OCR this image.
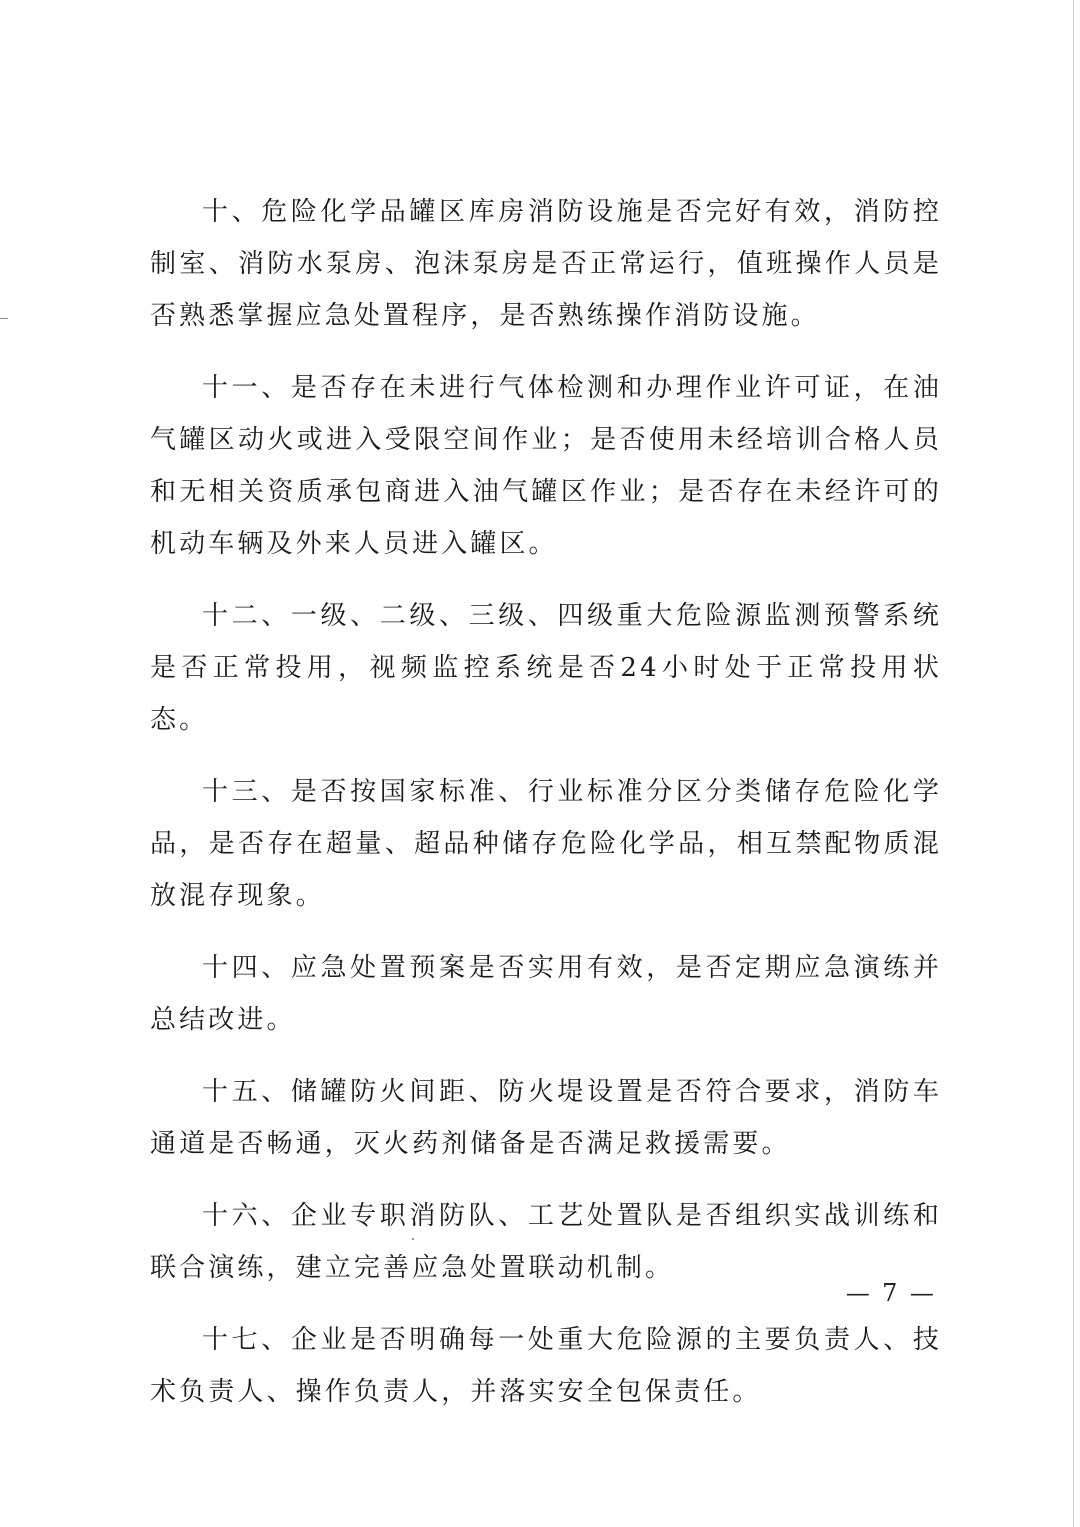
十、危险化学品罐区库房消防设施是否完好有效，消防控制室、消防水泵房、泡沫泵房是否正常运行，值班操作人员是否熟悉掌握应急处置程序，是否熟练操作消防设施。

十一、是否存在未进行气体检测和办理作业许可证，在油气罐区动火或进入受限空间作业；是否使用未经培训合格人员和无相关资质承包商进入油气罐区作业；是否存在未经许可的机动车辆及外来人员进入罐区。

十二、一级、二级、三级、四级重大危险源监测预警系统是否正常投用，视频监控系统是否24小时处于正常投用状态。

十三、是否按国家标准、行业标准分区分类储存危险化学品，是否存在超量、超品种储存危险化学品，相互禁配物质混放混存现象。

十四、应急处置预案是否实用有效，是否定期应急演练并总结改进。

十五、储罐防火间距、防火堤设置是否符合要求，消防车通道是否畅通，灭火药剂储备是否满足救援需要。

十六、企业专职消防队、工艺处置队是否组织实战训练和联合演练，建立完善应急处置联动机制。

十七、企业是否明确每一处重大危险源的主要负责人、技术负责人、操作负责人，并落实安全包保责任。

— 7 —
